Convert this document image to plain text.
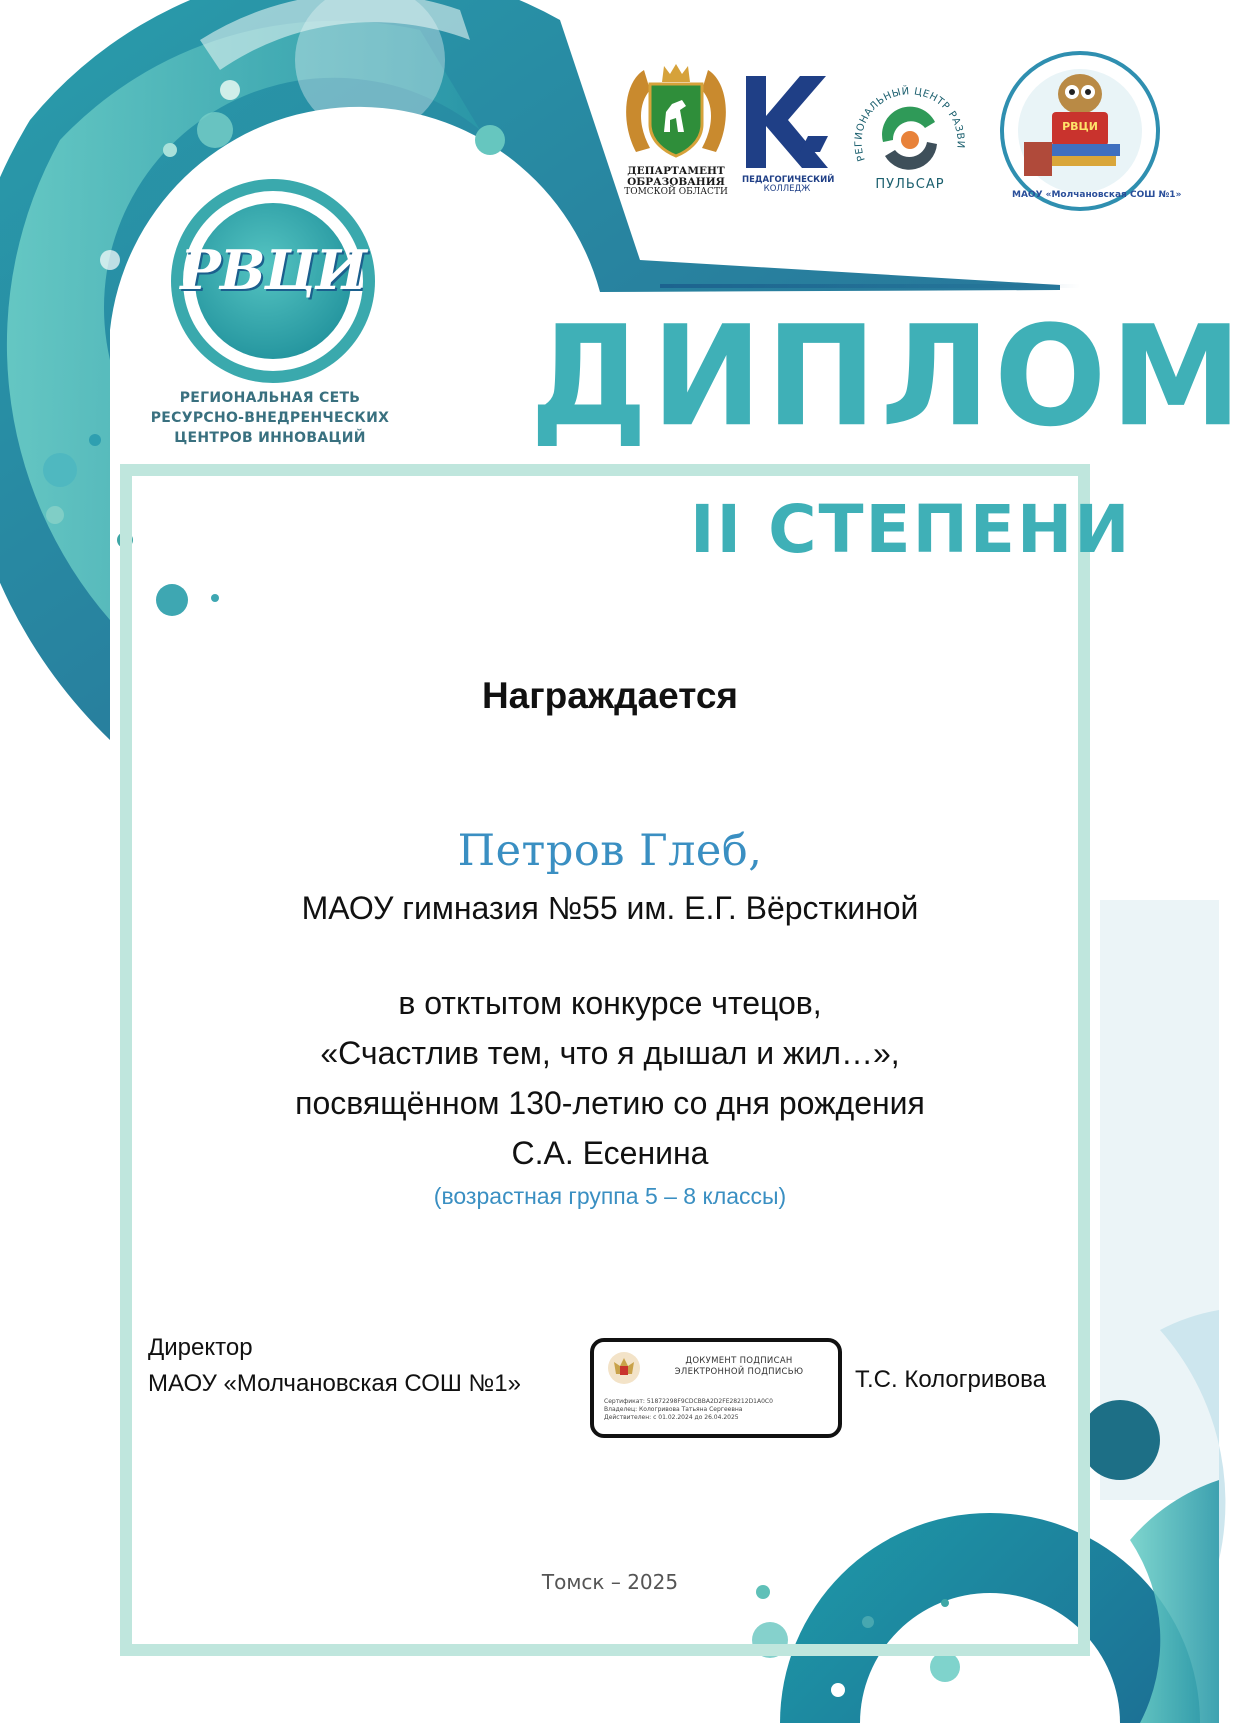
ДЕПАРТАМЕНТ
ОБРАЗОВАНИЯ
ТОМСКОЙ ОБЛАСТИ
ПЕДАГОГИЧЕСКИЙ
КОЛЛЕДЖ
РЕГИОНАЛЬНЫЙ ЦЕНТР РАЗВИ
ПУЛЬСАР
РВЦИ
МАОУ «Молчановская СОШ №1»
РВЦИ
РЕГИОНАЛЬНАЯ СЕТЬ
РЕСУРСНО-ВНЕДРЕНЧЕСКИХ
ЦЕНТРОВ ИННОВАЦИЙ ДИПЛОМ
II СТЕПЕНИ
Награждается
Петров Глеб,
МАОУ гимназия №55 им. Е.Г. Вёрсткиной
в отктытом конкурсе чтецов,
«Счастлив тем, что я дышал и жил…»,
посвящённом 130-летию со дня рождения
С.А. Есенина
(возрастная группа 5 – 8 классы)
Директор
МАОУ «Молчановская СОШ №1»
ДОКУМЕНТ ПОДПИСАН
ЭЛЕКТРОННОЙ ПОДПИСЬЮ
Сертификат: 51872298F9CDCBBA2D2FE28212D1A0C0
Владелец: Кологривова Татьяна Сергеевна
Действителен: с 01.02.2024 до 26.04.2025
Т.С. Кологривова
Томск – 2025
